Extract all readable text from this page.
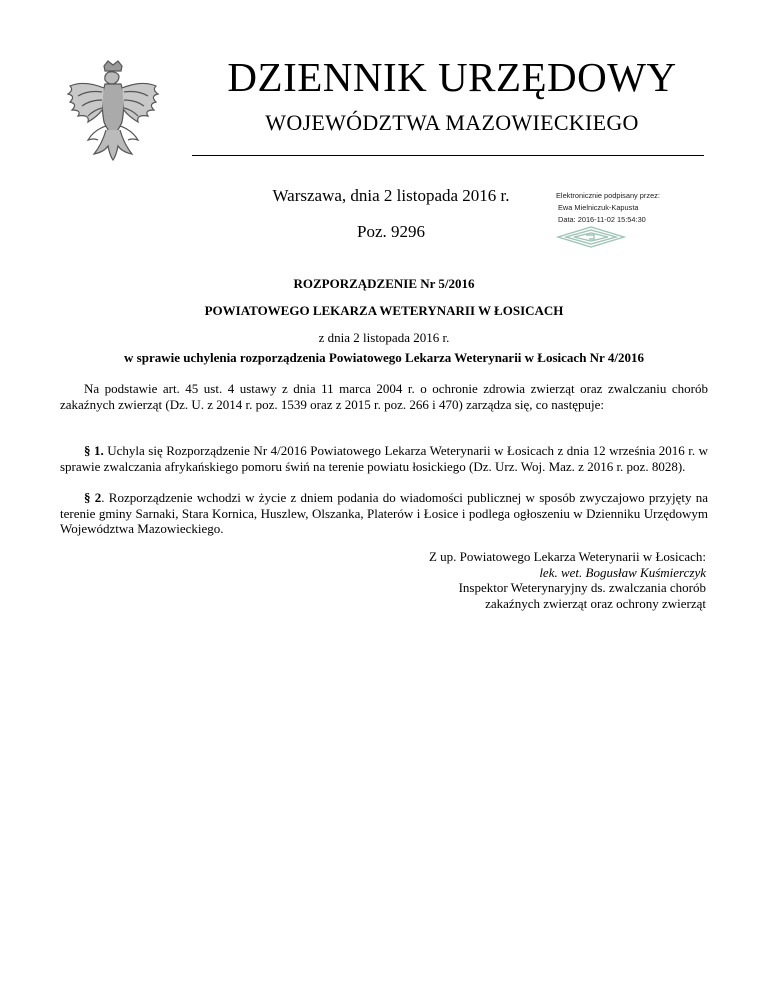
DZIENNIK URZĘDOWY
WOJEWÓDZTWA MAZOWIECKIEGO
Warszawa, dnia 2 listopada 2016 r.
Poz. 9296
Elektronicznie podpisany przez:
Ewa Mielniczuk-Kapusta
Data: 2016-11-02 15:54:30
ROZPORZĄDZENIE Nr 5/2016
POWIATOWEGO LEKARZA WETERYNARII W ŁOSICACH
z dnia 2 listopada 2016 r.
w sprawie uchylenia rozporządzenia Powiatowego Lekarza Weterynarii w Łosicach Nr 4/2016
Na podstawie art. 45 ust. 4 ustawy z dnia 11 marca 2004 r. o ochronie zdrowia zwierząt oraz zwalczaniu chorób zakaźnych zwierząt (Dz. U. z 2014 r. poz. 1539 oraz z 2015 r. poz. 266 i 470) zarządza się, co następuje:
§ 1. Uchyla się Rozporządzenie Nr 4/2016 Powiatowego Lekarza Weterynarii w Łosicach z dnia 12 września 2016 r. w sprawie zwalczania afrykańskiego pomoru świń na terenie powiatu łosickiego (Dz. Urz. Woj. Maz. z 2016 r. poz. 8028).
§ 2. Rozporządzenie wchodzi w życie z dniem podania do wiadomości publicznej w sposób zwyczajowo przyjęty na terenie gminy Sarnaki, Stara Kornica, Huszlew, Olszanka, Platerów i Łosice i podlega ogłoszeniu w Dzienniku Urzędowym Województwa Mazowieckiego.
Z up. Powiatowego Lekarza Weterynarii w Łosicach:
lek. wet. Bogusław Kuśmierczyk
Inspektor Weterynaryjny ds. zwalczania chorób
zakaźnych zwierząt oraz ochrony zwierząt
